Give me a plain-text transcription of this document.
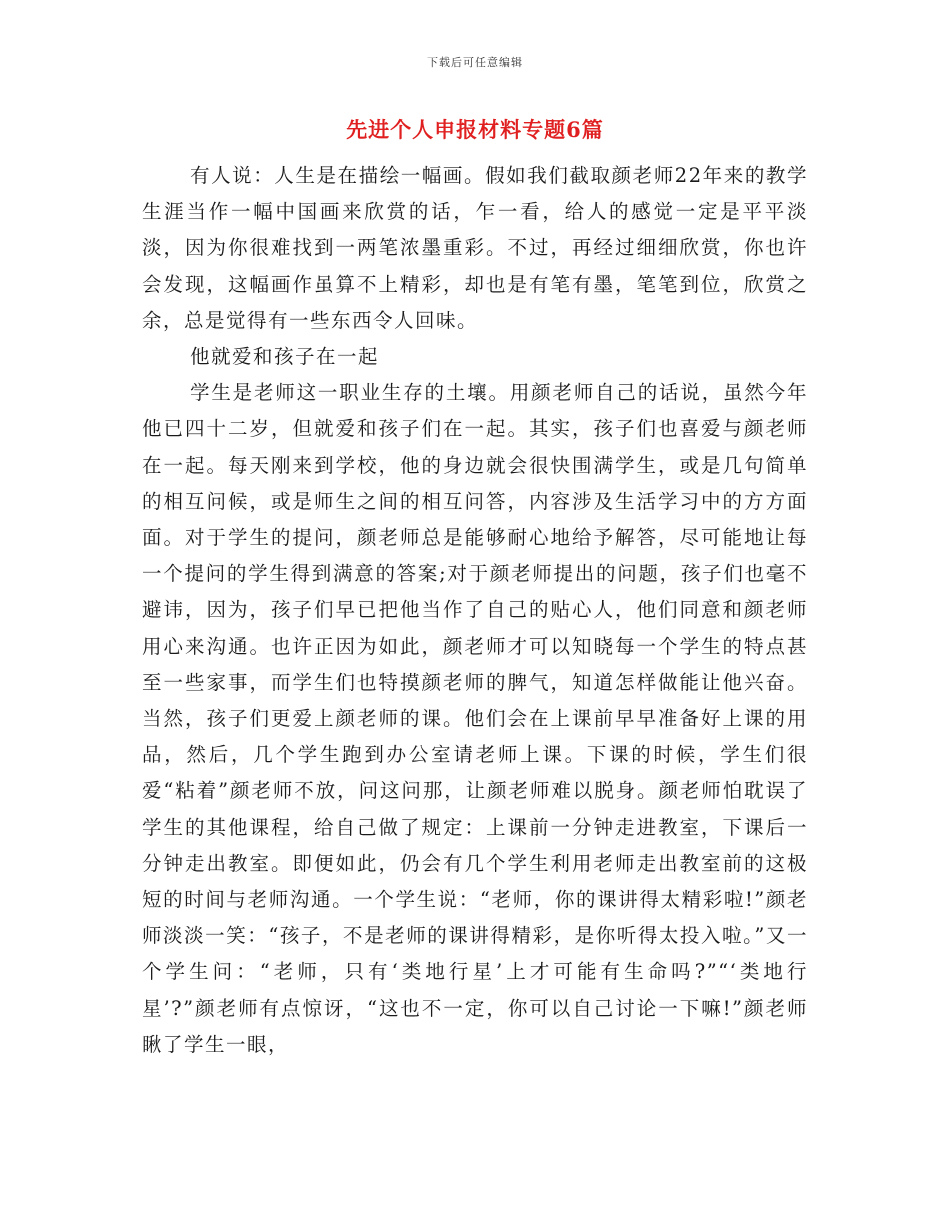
下载后可任意编辑
先进个人申报材料专题6篇

有人说：人生是在描绘一幅画。假如我们截取颜老师22年来的教学生涯当作一幅中国画来欣赏的话，乍一看，给人的感觉一定是平平淡淡，因为你很难找到一两笔浓墨重彩。不过，再经过细细欣赏，你也许会发现，这幅画作虽算不上精彩，却也是有笔有墨，笔笔到位，欣赏之余，总是觉得有一些东西令人回味。

他就爱和孩子在一起

学生是老师这一职业生存的土壤。用颜老师自己的话说，虽然今年他已四十二岁，但就爱和孩子们在一起。其实，孩子们也喜爱与颜老师在一起。每天刚来到学校，他的身边就会很快围满学生，或是几句简单的相互问候，或是师生之间的相互问答，内容涉及生活学习中的方方面面。对于学生的提问，颜老师总是能够耐心地给予解答，尽可能地让每一个提问的学生得到满意的答案;对于颜老师提出的问题，孩子们也毫不避讳，因为，孩子们早已把他当作了自己的贴心人，他们同意和颜老师用心来沟通。也许正因为如此，颜老师才可以知晓每一个学生的特点甚至一些家事，而学生们也特摸颜老师的脾气，知道怎样做能让他兴奋。当然，孩子们更爱上颜老师的课。他们会在上课前早早准备好上课的用品，然后，几个学生跑到办公室请老师上课。下课的时候，学生们很爱“粘着”颜老师不放，问这问那，让颜老师难以脱身。颜老师怕耽误了学生的其他课程，给自己做了规定：上课前一分钟走进教室，下课后一分钟走出教室。即便如此，仍会有几个学生利用老师走出教室前的这极短的时间与老师沟通。一个学生说：“老师，你的课讲得太精彩啦!”颜老师淡淡一笑：“孩子，不是老师的课讲得精彩，是你听得太投入啦。”又一个学生问：“老师，只有‘类地行星’上才可能有生命吗?”“‘类地行星’?”颜老师有点惊讶，“这也不一定，你可以自己讨论一下嘛!”颜老师瞅了学生一眼，
